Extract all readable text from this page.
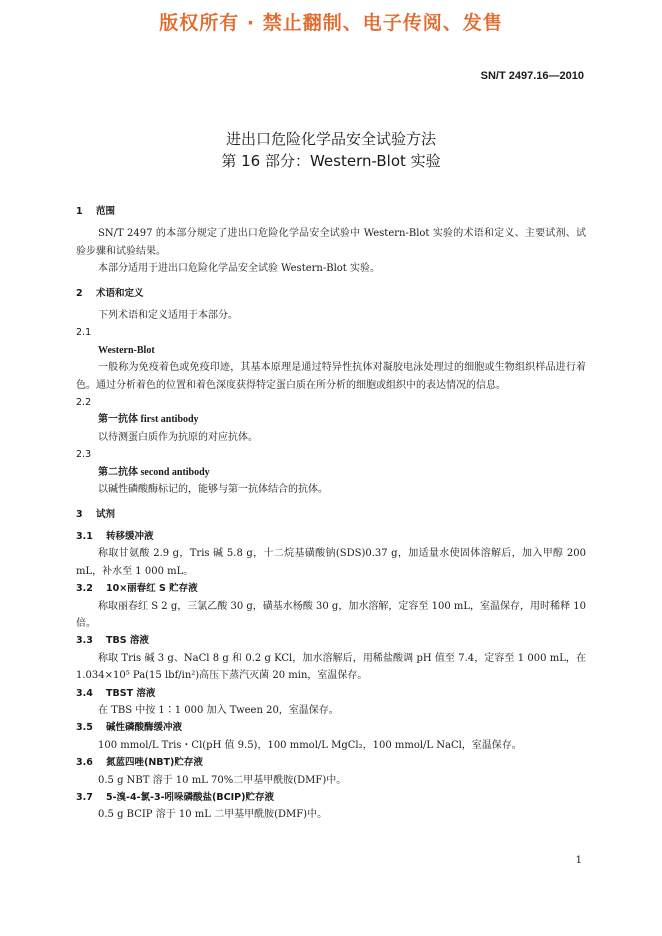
版权所有 · 禁止翻制、电子传阅、发售
SN/T 2497.16—2010
进出口危险化学品安全试验方法
第 16 部分：Western-Blot 实验

1 范围

SN/T 2497 的本部分规定了进出口危险化学品安全试验中 Western-Blot 实验的术语和定义、主要试剂、试验步骤和试验结果。

本部分适用于进出口危险化学品安全试验 Western-Blot 实验。

2 术语和定义

下列术语和定义适用于本部分。

2.1

Western-Blot

一般称为免疫着色或免疫印迹，其基本原理是通过特异性抗体对凝胶电泳处理过的细胞或生物组织样品进行着色。通过分析着色的位置和着色深度获得特定蛋白质在所分析的细胞或组织中的表达情况的信息。

2.2

第一抗体 first antibody

以待测蛋白质作为抗原的对应抗体。

2.3

第二抗体 second antibody

以碱性磷酸酶标记的，能够与第一抗体结合的抗体。

3 试剂

3.1 转移缓冲液

称取甘氨酸 2.9 g，Tris 碱 5.8 g，十二烷基磺酸钠(SDS)0.37 g，加适量水使固体溶解后，加入甲醇 200 mL，补水至 1 000 mL。

3.2 10×丽春红 S 贮存液

称取丽春红 S 2 g，三氯乙酸 30 g，磺基水杨酸 30 g，加水溶解，定容至 100 mL，室温保存，用时稀释 10 倍。

3.3 TBS 溶液

称取 Tris 碱 3 g、NaCl 8 g 和 0.2 g KCl，加水溶解后，用稀盐酸调 pH 值至 7.4，定容至 1 000 mL，在1.034×10⁵ Pa(15 lbf/in²)高压下蒸汽灭菌 20 min，室温保存。

3.4 TBST 溶液

在 TBS 中按 1∶1 000 加入 Tween 20，室温保存。

3.5 碱性磷酸酶缓冲液

100 mmol/L Tris・Cl(pH 值 9.5)，100 mmol/L MgCl₂，100 mmol/L NaCl，室温保存。

3.6 氮蓝四唑(NBT)贮存液

0.5 g NBT 溶于 10 mL 70%二甲基甲酰胺(DMF)中。

3.7 5-溴-4-氯-3-吲哚磷酸盐(BCIP)贮存液

0.5 g BCIP 溶于 10 mL 二甲基甲酰胺(DMF)中。

1
